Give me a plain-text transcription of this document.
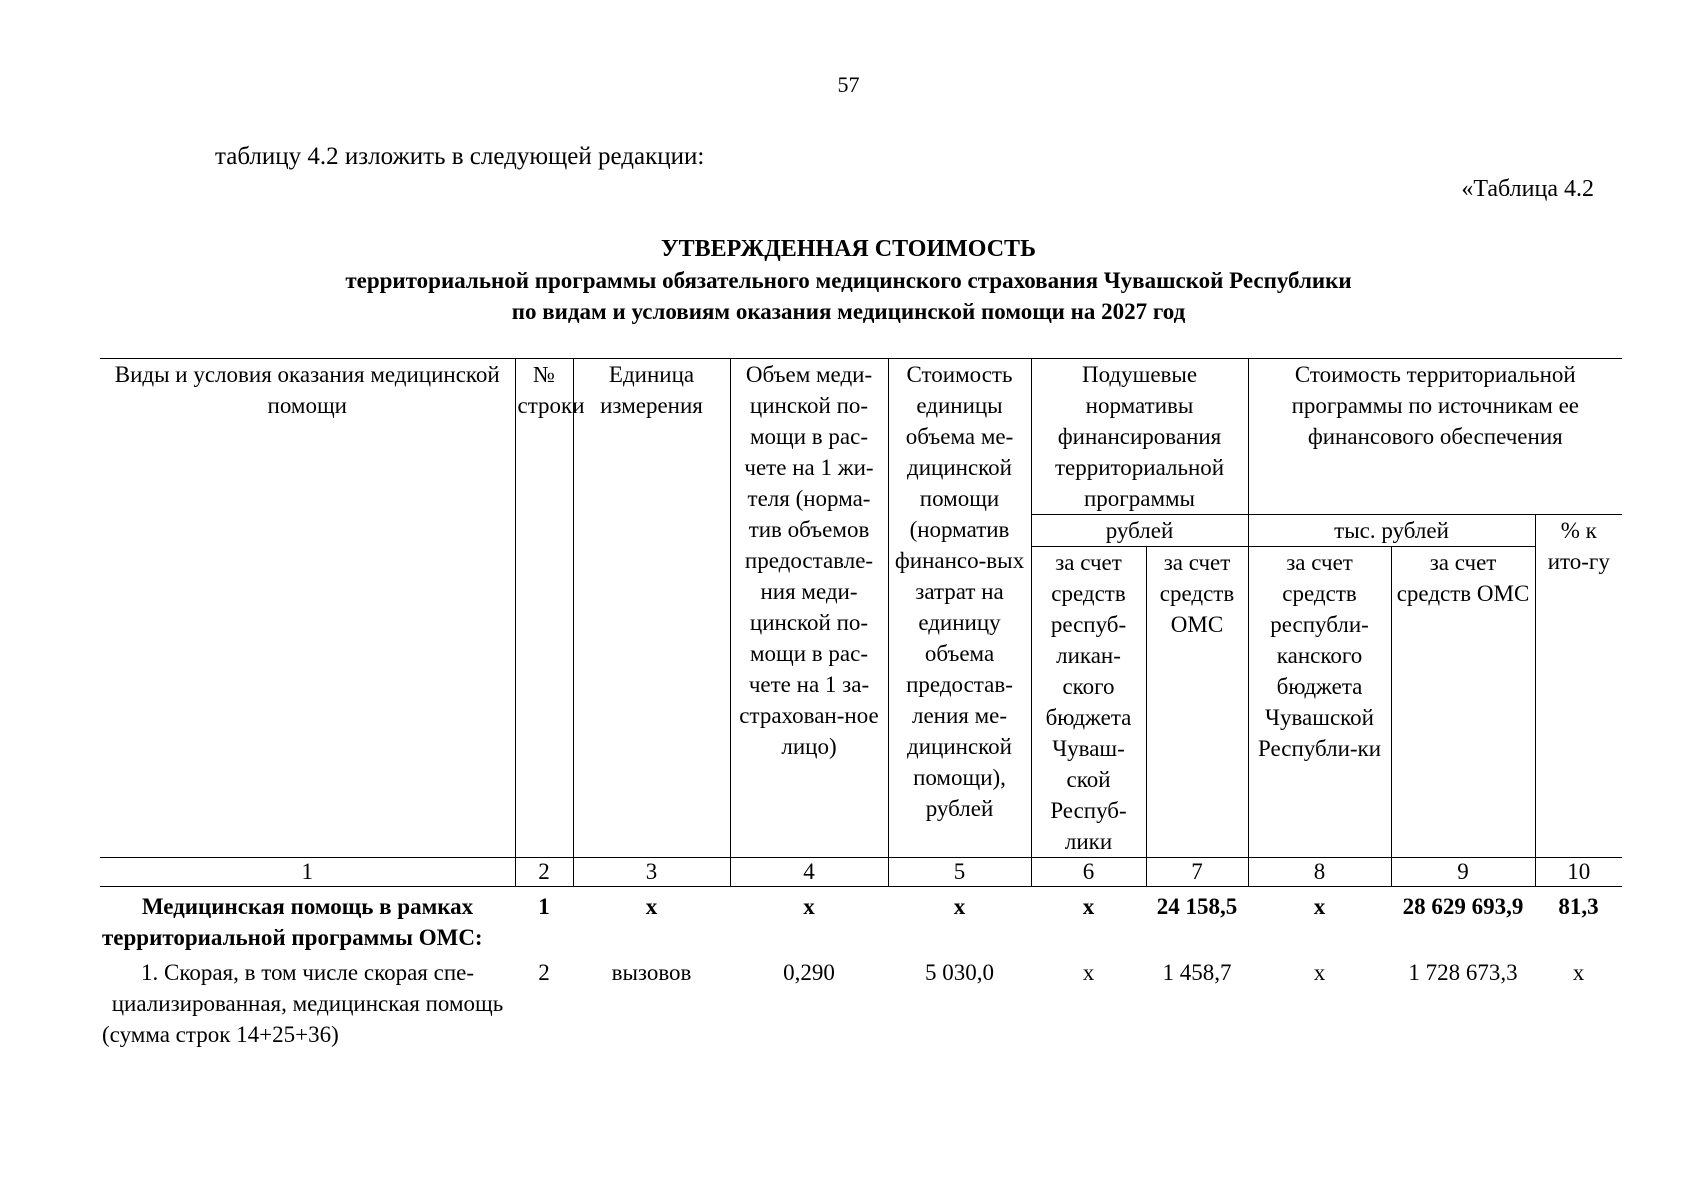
57
таблицу 4.2 изложить в следующей редакции:
«Таблица 4.2
УТВЕРЖДЕННАЯ СТОИМОСТЬ
территориальной программы обязательного медицинского страхования Чувашской Республики
по видам и условиям оказания медицинской помощи на 2027 год
Виды и условия оказания медицинской помощи	№ строки	Единица измерения	Объем меди-цинской по-мощи в рас-чете на 1 жи-теля (норма-тив объемов предоставле-ния меди-цинской по-мощи в рас-чете на 1 за-страхован-ное лицо)	Стоимость единицы объема ме-дицинской помощи (норматив финансо-вых затрат на единицу объема предостав-ления ме-дицинской помощи), рублей	Подушевые нормативы финансирования территориальной программы		Стоимость территориальной программы по источникам ее финансового обеспечения		
					рублей		тыс. рублей		% к ито-гу
					за счет средств респуб-ликан-ского бюджета Чуваш-ской Респуб-лики	за счет средств ОМС	за счет средств республи-канского бюджета Чувашской Республи-ки	за счет средств ОМС	
1	2	3	4	5	6	7	8	9	10
Медицинская помощь в рамках территориальной программы ОМС:	1	х	х	х	х	24 158,5	х	28 629 693,9	81,3
1. Скорая, в том числе скорая спе-циализированная, медицинская помощь (сумма строк 14+25+36)	2	вызовов	0,290	5 030,0	х	1 458,7	х	1 728 673,3	х
